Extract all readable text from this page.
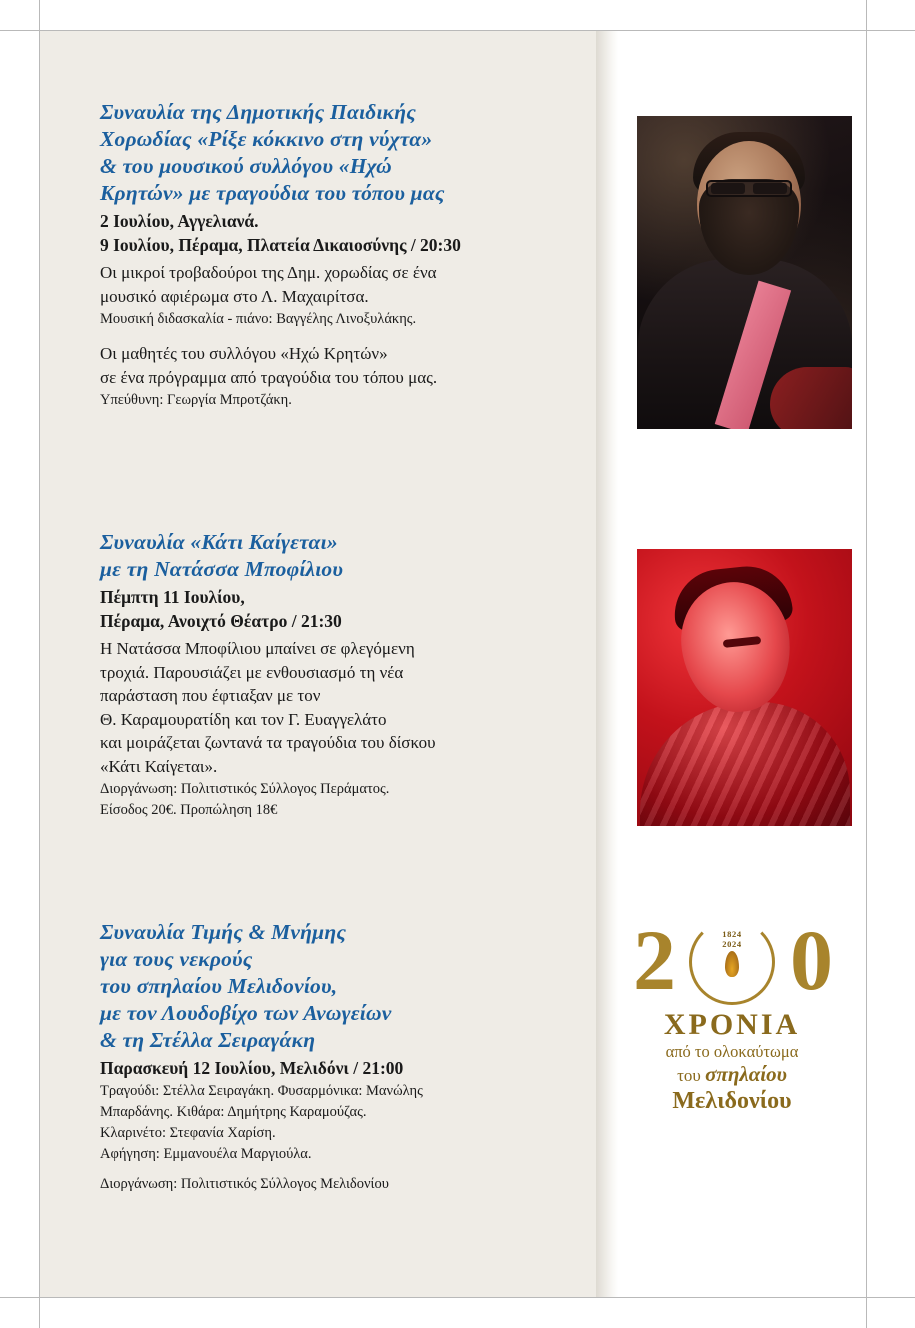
Συναυλία της Δημοτικής Παιδικής
Χορωδίας «Ρίξε κόκκινο στη νύχτα»
& του μουσικού συλλόγου «Ηχώ
Κρητών» με τραγούδια του τόπου μας

2 Ιουλίου, Αγγελιανά.
9 Ιουλίου, Πέραμα, Πλατεία Δικαιοσύνης / 20:30

Οι μικροί τροβαδούροι της Δημ. χορωδίας σε ένα
μουσικό αφιέρωμα στο Λ. Μαχαιρίτσα.

Μουσική διδασκαλία - πιάνο: Βαγγέλης Λινοξυλάκης.

Οι μαθητές του συλλόγου «Ηχώ Κρητών»
σε ένα πρόγραμμα από τραγούδια του τόπου μας.

Υπεύθυνη: Γεωργία Μπροτζάκη.

Συναυλία «Κάτι Καίγεται»
με τη Νατάσσα Μποφίλιου

Πέμπτη 11 Ιουλίου,
Πέραμα, Ανοιχτό Θέατρο / 21:30

Η Νατάσσα Μποφίλιου μπαίνει σε φλεγόμενη
τροχιά. Παρουσιάζει με ενθουσιασμό τη νέα
παράσταση που έφτιαξαν με τον
Θ. Καραμουρατίδη και τον Γ. Ευαγγελάτο
και μοιράζεται ζωντανά τα τραγούδια του δίσκου
«Κάτι Καίγεται».

Διοργάνωση: Πολιτιστικός Σύλλογος Περάματος.
Είσοδος 20€. Προπώληση 18€

Συναυλία Τιμής & Μνήμης
για τους νεκρούς
του σπηλαίου Μελιδονίου,
με τον Λουδοβίχο των Ανωγείων
& τη Στέλλα Σειραγάκη

Παρασκευή 12 Ιουλίου, Μελιδόνι / 21:00

Τραγούδι: Στέλλα Σειραγάκη. Φυσαρμόνικα: Μανώλης
Μπαρδάνης. Κιθάρα: Δημήτρης Καραμούζας.
Κλαρινέτο: Στεφανία Χαρίση.
Αφήγηση: Εμμανουέλα Μαργιούλα.

Διοργάνωση: Πολιτιστικός Σύλλογος Μελιδονίου

2 0
1824
2024
ΧΡΟΝΙΑ
από το ολοκαύτωμα
του σπηλαίου
Μελιδονίου
